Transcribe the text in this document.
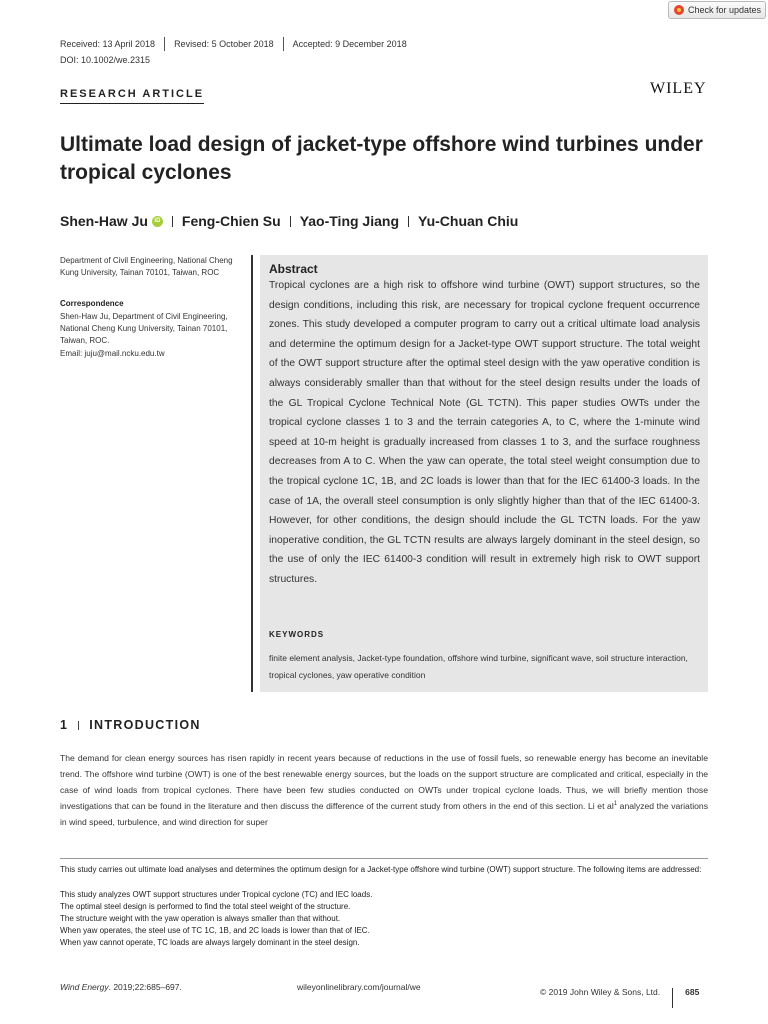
Check for updates
Received: 13 April 2018 Revised: 5 October 2018 Accepted: 9 December 2018
DOI: 10.1002/we.2315
RESEARCH ARTICLE	WILEY
Ultimate load design of jacket-type offshore wind turbines under tropical cyclones
Shen-Haw Ju	iD Feng-Chien Su Yao-Ting Jiang Yu-Chuan Chiu
Department of Civil Engineering, National Cheng Kung University, Tainan 70101, Taiwan, ROC
Correspondence
Shen-Haw Ju, Department of Civil Engineering, National Cheng Kung University, Tainan 70101, Taiwan, ROC.
Email: juju@mail.ncku.edu.tw
Abstract
Tropical cyclones are a high risk to offshore wind turbine (OWT) support structures, so the design conditions, including this risk, are necessary for tropical cyclone frequent occurrence zones. This study developed a computer program to carry out a critical ultimate load analysis and determine the optimum design for a Jacket-type OWT support structure. The total weight of the OWT support structure after the optimal steel design with the yaw operative condition is always considerably smaller than that without for the steel design results under the loads of the GL Tropical Cyclone Technical Note (GL TCTN). This paper studies OWTs under the tropical cyclone classes 1 to 3 and the terrain categories A, to C, where the 1-minute wind speed at 10-m height is gradually increased from classes 1 to 3, and the surface roughness decreases from A to C. When the yaw can operate, the total steel weight consumption due to the tropical cyclone 1C, 1B, and 2C loads is lower than that for the IEC 61400-3 loads. In the case of 1A, the overall steel consumption is only slightly higher than that of the IEC 61400-3. However, for other conditions, the design should include the GL TCTN loads. For the yaw inoperative condition, the GL TCTN results are always largely dominant in the steel design, so the use of only the IEC 61400-3 condition will result in extremely high risk to OWT support structures.
KEYWORDS
finite element analysis, Jacket-type foundation, offshore wind turbine, significant wave, soil structure interaction, tropical cyclones, yaw operative condition
1 INTRODUCTION
The demand for clean energy sources has risen rapidly in recent years because of reductions in the use of fossil fuels, so renewable energy has become an inevitable trend. The offshore wind turbine (OWT) is one of the best renewable energy sources, but the loads on the support structure are complicated and critical, especially in the case of wind loads from tropical cyclones. There have been few studies conducted on OWTs under tropical cyclone loads. Thus, we will briefly mention those investigations that can be found in the literature and then discuss the difference of the current study from others in the end of this section. Li et $al^1$ analyzed the variations in wind speed, turbulence, and wind direction for super
This study carries out ultimate load analyses and determines the optimum design for a Jacket-type offshore wind turbine (OWT) support structure. The following items are addressed:
This study analyzes OWT support structures under Tropical cyclone (TC) and IEC loads.
The optimal steel design is performed to find the total steel weight of the structure.
The structure weight with the yaw operation is always smaller than that without.
When yaw operates, the steel use of TC 1C, 1B, and 2C loads is lower than that of IEC.
When yaw cannot operate, TC loads are always largely dominant in the steel design.
Wind Energy. 2019;22:685–697.	wileyonlinelibrary.com/journal/we	© 2019 John Wiley & Sons, Ltd.	685
